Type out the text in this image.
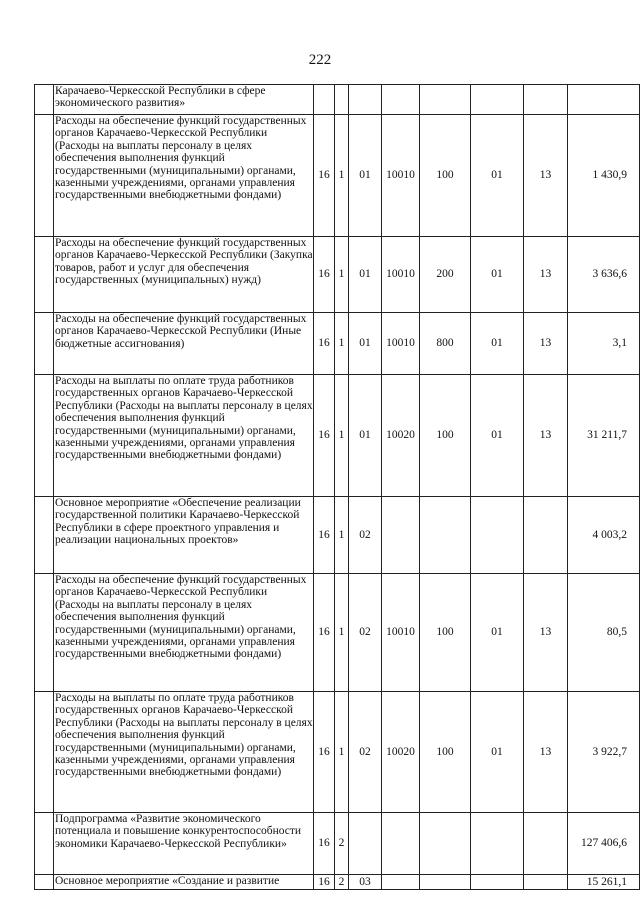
222
	Карачаево-Черкесской Республики в сфере экономического развития»								
	Расходы на обеспечение функций государственных органов Карачаево-Черкесской Республики (Расходы на выплаты персоналу в целях обеспечения выполнения функций государственными (муниципальными) органами, казенными учреждениями, органами управления государственными внебюджетными фондами)	16	1	01	10010	100	01	13	1 430,9
	Расходы на обеспечение функций государственных органов Карачаево-Черкесской Республики (Закупка товаров, работ и услуг для обеспечения государственных (муниципальных) нужд)	16	1	01	10010	200	01	13	3 636,6
	Расходы на обеспечение функций государственных органов Карачаево-Черкесской Республики (Иные бюджетные ассигнования)	16	1	01	10010	800	01	13	3,1
	Расходы на выплаты по оплате труда работников государственных органов Карачаево-Черкесской Республики (Расходы на выплаты персоналу в целях обеспечения выполнения функций государственными (муниципальными) органами, казенными учреждениями, органами управления государственными внебюджетными фондами)	16	1	01	10020	100	01	13	31 211,7
	Основное мероприятие «Обеспечение реализации государственной политики Карачаево-Черкесской Республики в сфере проектного управления и реализации национальных проектов»	16	1	02					4 003,2
	Расходы на обеспечение функций государственных органов Карачаево-Черкесской Республики (Расходы на выплаты персоналу в целях обеспечения выполнения функций государственными (муниципальными) органами, казенными учреждениями, органами управления государственными внебюджетными фондами)	16	1	02	10010	100	01	13	80,5
	Расходы на выплаты по оплате труда работников государственных органов Карачаево-Черкесской Республики (Расходы на выплаты персоналу в целях обеспечения выполнения функций государственными (муниципальными) органами, казенными учреждениями, органами управления государственными внебюджетными фондами)	16	1	02	10020	100	01	13	3 922,7
	Подпрограмма «Развитие экономического потенциала и повышение конкурентоспособности экономики Карачаево-Черкесской Республики»	16	2						127 406,6
	Основное мероприятие «Создание и развитие	16	2	03					15 261,1
